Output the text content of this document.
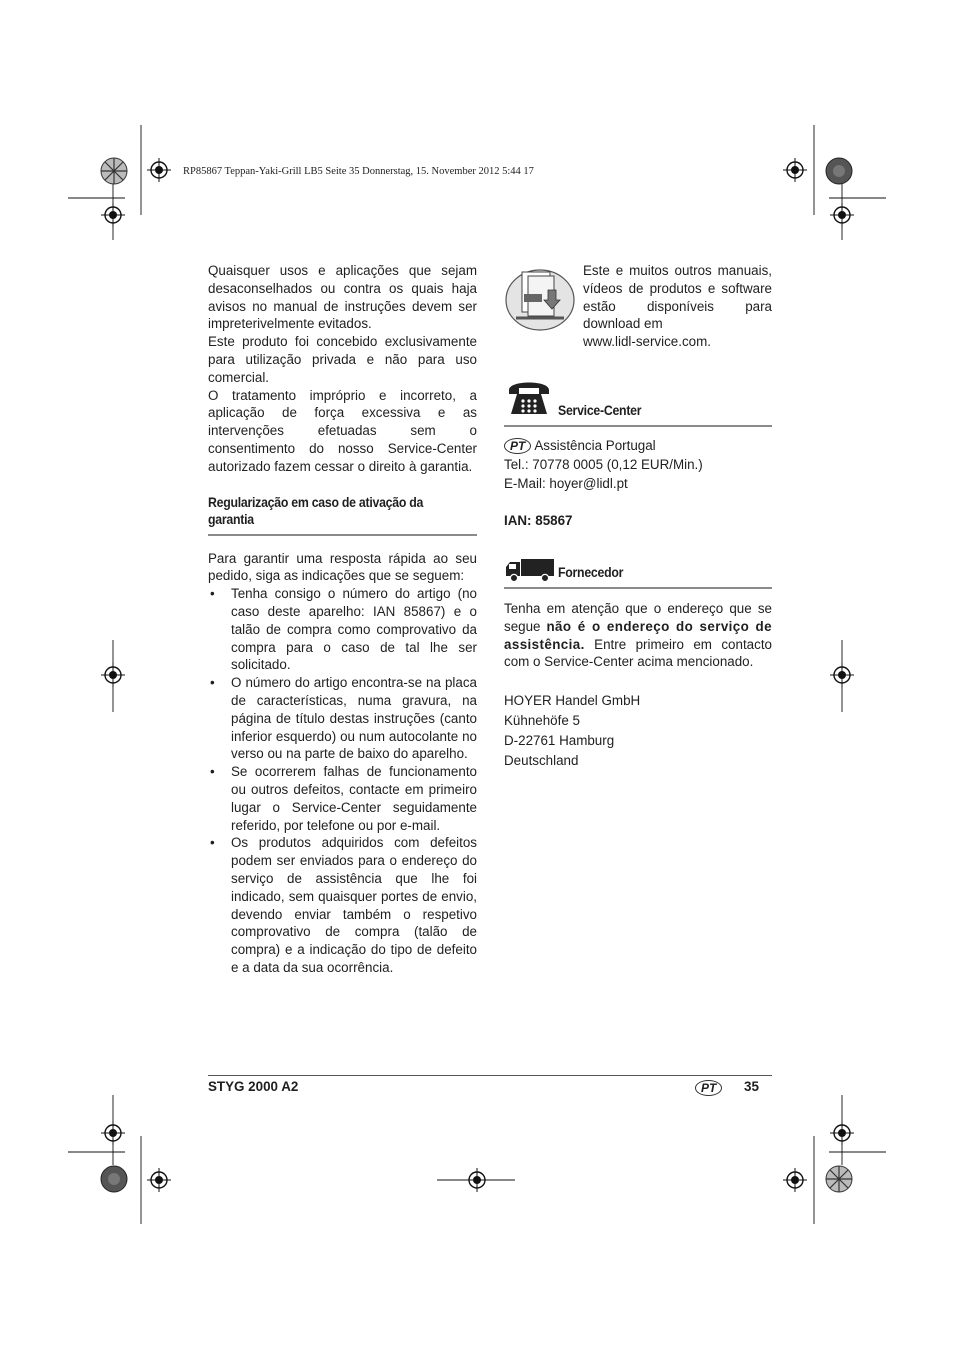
RP85867 Teppan-Yaki-Grill LB5 Seite 35 Donnerstag, 15. November 2012 5:44 17

Quaisquer usos e aplicações que sejam desaconselhados ou contra os quais haja avisos no manual de instruções devem ser impreterivelmente evitados.

Este produto foi concebido exclusivamente para utilização privada e não para uso comercial.

O tratamento impróprio e incorreto, a aplicação de força excessiva e as intervenções efetuadas sem o consentimento do nosso Service-Center autorizado fazem cessar o direito à garantia.

Regularização em caso de ativação da
garantia

Para garantir uma resposta rápida ao seu pedido, siga as indicações que se seguem:

• Tenha consigo o número do artigo (no caso deste aparelho: IAN 85867) e o talão de compra como comprovativo da compra para o caso de tal lhe ser solicitado.
• O número do artigo encontra-se na placa de características, numa gravura, na página de título destas instruções (canto inferior esquerdo) ou num autocolante no verso ou na parte de baixo do aparelho.
• Se ocorrerem falhas de funcionamento ou outros defeitos, contacte em primeiro lugar o Service-Center seguidamente referido, por telefone ou por e-mail.
• Os produtos adquiridos com defeitos podem ser enviados para o endereço do serviço de assistência que lhe foi indicado, sem quaisquer portes de envio, devendo enviar também o respetivo comprovativo de compra (talão de compra) e a indicação do tipo de defeito e a data da sua ocorrência.

Este e muitos outros manuais, vídeos de produtos e software estão disponíveis para download em

www.lidl-service.com.

Service-Center
PT Assistência Portugal
Tel.: 70778 0005 (0,12 EUR/Min.)
E-Mail: hoyer@lidl.pt
IAN: 85867
Fornecedor

Tenha em atenção que o endereço que se segue não é o endereço do serviço de assistência. Entre primeiro em contacto com o Service-Center acima mencionado.

HOYER Handel GmbH
Kühnehöfe 5
D-22761 Hamburg
Deutschland
STYG 2000 A2	PT	35
